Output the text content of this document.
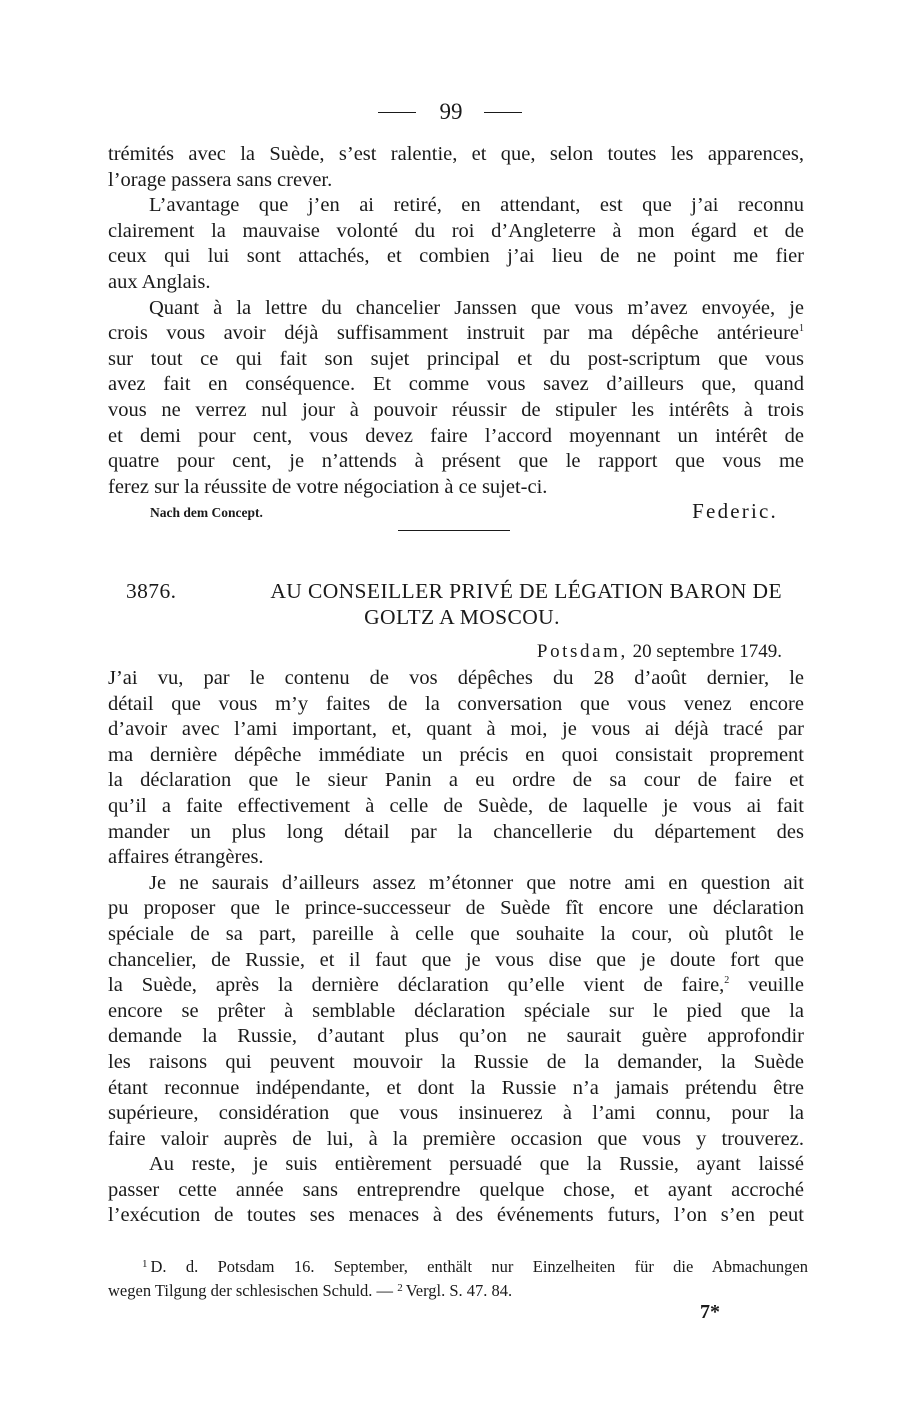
99
trémités avec la Suède, s’est ralentie, et que, selon toutes les apparences,
l’orage passera sans crever.
L’avantage que j’en ai retiré, en attendant, est que j’ai reconnu
clairement la mauvaise volonté du roi d’Angleterre à mon égard et de
ceux qui lui sont attachés, et combien j’ai lieu de ne point me fier
aux Anglais.
Quant à la lettre du chancelier Janssen que vous m’avez envoyée, je
crois vous avoir déjà suffisamment instruit par ma dépêche antérieure$^1$
sur tout ce qui fait son sujet principal et du post-scriptum que vous
avez fait en conséquence. Et comme vous savez d’ailleurs que, quand
vous ne verrez nul jour à pouvoir réussir de stipuler les intérêts à trois
et demi pour cent, vous devez faire l’accord moyennant un intérêt de
quatre pour cent, je n’attends à présent que le rapport que vous me
ferez sur la réussite de votre négociation à ce sujet-ci.
Nach dem Concept.	Federic.
3876.	AU CONSEILLER PRIVÉ DE LÉGATION BARON DE
GOLTZ A MOSCOU.
Potsdam, 20 septembre 1749.
J’ai vu, par le contenu de vos dépêches du 28 d’août dernier, le
détail que vous m’y faites de la conversation que vous venez encore
d’avoir avec l’ami important, et, quant à moi, je vous ai déjà tracé par
ma dernière dépêche immédiate un précis en quoi consistait proprement
la déclaration que le sieur Panin a eu ordre de sa cour de faire et
qu’il a faite effectivement à celle de Suède, de laquelle je vous ai fait
mander un plus long détail par la chancellerie du département des
affaires étrangères.
Je ne saurais d’ailleurs assez m’étonner que notre ami en question ait
pu proposer que le prince-successeur de Suède fît encore une déclaration
spéciale de sa part, pareille à celle que souhaite la cour, où plutôt le
chancelier, de Russie, et il faut que je vous dise que je doute fort que
la Suède, après la dernière déclaration qu’elle vient de faire,$^2$ veuille
encore se prêter à semblable déclaration spéciale sur le pied que la
demande la Russie, d’autant plus qu’on ne saurait guère approfondir
les raisons qui peuvent mouvoir la Russie de la demander, la Suède
étant reconnue indépendante, et dont la Russie n’a jamais prétendu être
supérieure, considération que vous insinuerez à l’ami connu, pour la
faire valoir auprès de lui, à la première occasion que vous y trouverez.
Au reste, je suis entièrement persuadé que la Russie, ayant laissé
passer cette année sans entreprendre quelque chose, et ayant accroché
l’exécution de toutes ses menaces à des événements futurs, l’on s’en peut
$^1$ D. d. Potsdam 16. September, enthält nur Einzelheiten für die Abmachungen
wegen Tilgung der schlesischen Schuld. — $^2$ Vergl. S. 47. 84.
7*
